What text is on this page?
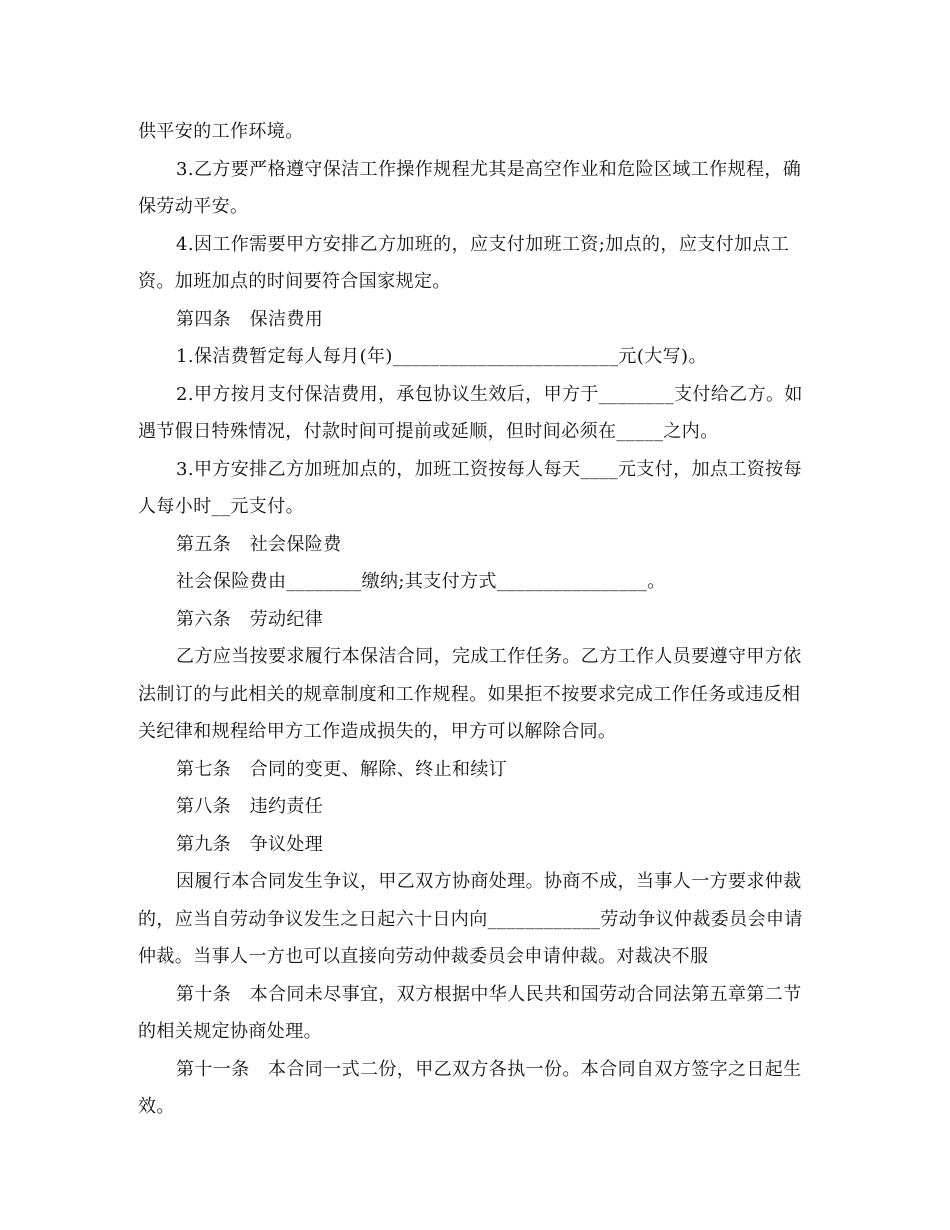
供平安的工作环境。

3.乙方要严格遵守保洁工作操作规程尤其是高空作业和危险区域工作规程，确保劳动平安。

4.因工作需要甲方安排乙方加班的，应支付加班工资;加点的，应支付加点工资。加班加点的时间要符合国家规定。

第四条　保洁费用

1.保洁费暂定每人每月(年)________________________元(大写)。

2.甲方按月支付保洁费用，承包协议生效后，甲方于________支付给乙方。如遇节假日特殊情况，付款时间可提前或延顺，但时间必须在_____之内。

3.甲方安排乙方加班加点的，加班工资按每人每天____元支付，加点工资按每人每小时__元支付。

第五条　社会保险费

社会保险费由________缴纳;其支付方式________________。

第六条　劳动纪律

乙方应当按要求履行本保洁合同，完成工作任务。乙方工作人员要遵守甲方依法制订的与此相关的规章制度和工作规程。如果拒不按要求完成工作任务或违反相关纪律和规程给甲方工作造成损失的，甲方可以解除合同。

第七条　合同的变更、解除、终止和续订

第八条　违约责任

第九条　争议处理

因履行本合同发生争议，甲乙双方协商处理。协商不成，当事人一方要求仲裁的，应当自劳动争议发生之日起六十日内向____________劳动争议仲裁委员会申请仲裁。当事人一方也可以直接向劳动仲裁委员会申请仲裁。对裁决不服

第十条　本合同未尽事宜，双方根据中华人民共和国劳动合同法第五章第二节的相关规定协商处理。

第十一条　本合同一式二份，甲乙双方各执一份。本合同自双方签字之日起生效。
